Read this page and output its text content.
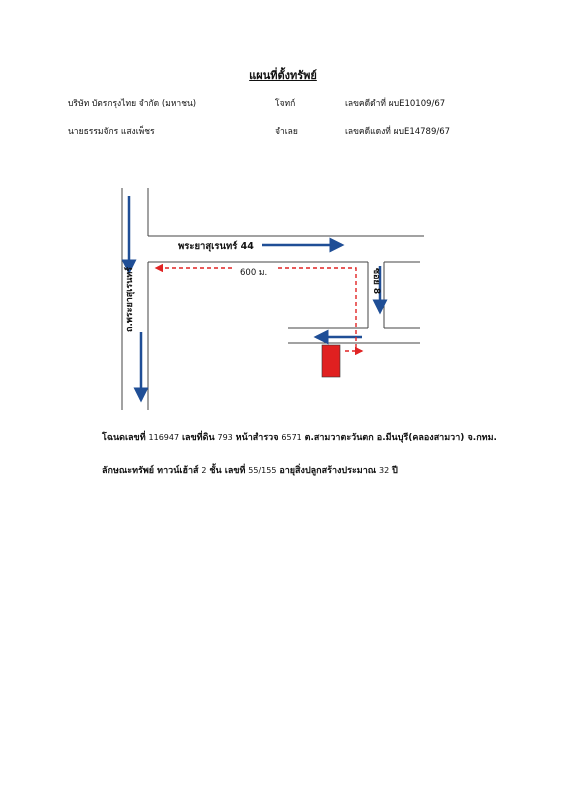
แผนที่ตั้งทรัพย์
บริษัท บัตรกรุงไทย จำกัด (มหาชน)	โจทก์	เลขคดีดำที่ ผบE10109/67
นายธรรมจักร แสงเพ็ชร	จำเลย	เลขคดีแดงที่ ผบE14789/67
พระยาสุเรนทร์ 44
600 ม.
ถ.พระยาสุเรนทร์	ซอย 8
โฉนดเลขที่ 116947 เลขที่ดิน 793 หน้าสำรวจ 6571 ต.สามวาตะวันตก อ.มีนบุรี(คลองสามวา) จ.กทม.
ลักษณะทรัพย์ ทาวน์เฮ้าส์ 2 ชั้น เลขที่ 55/155 อายุสิ่งปลูกสร้างประมาณ 32 ปี
